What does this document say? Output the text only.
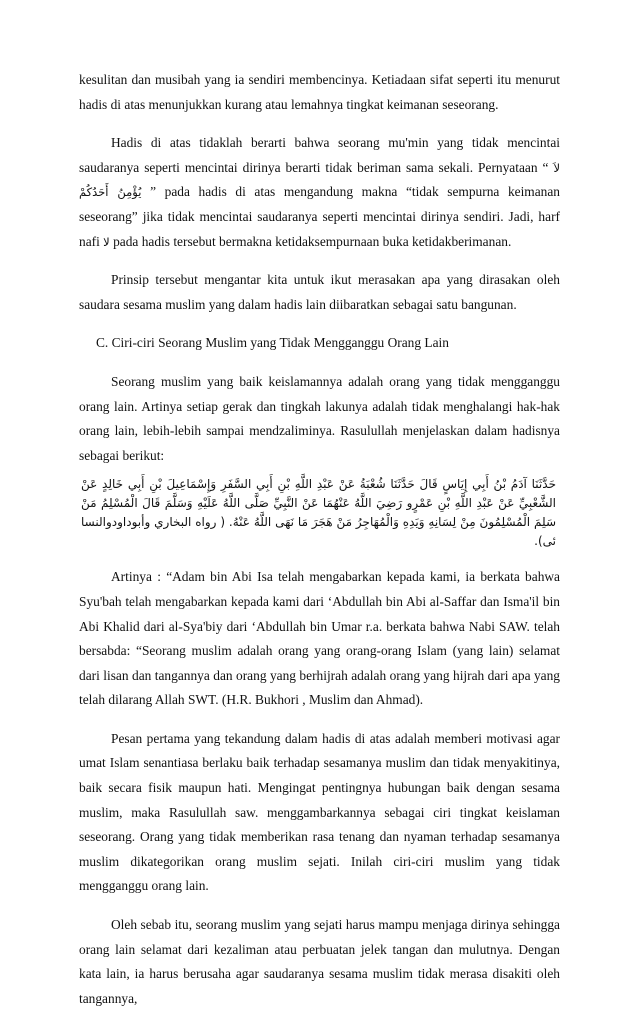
kesulitan dan musibah yang ia sendiri membencinya. Ketiadaan sifat seperti itu menurut hadis di atas menunjukkan kurang atau lemahnya tingkat keimanan seseorang.

Hadis di atas tidaklah berarti bahwa seorang mu'min yang tidak mencintai saudaranya seperti mencintai dirinya berarti tidak beriman sama sekali. Pernyataan “ لاَ يُؤْمِنُ أَحَدُكُمْ ” pada hadis di atas mengandung makna “tidak sempurna keimanan seseorang” jika tidak mencintai saudaranya seperti mencintai dirinya sendiri. Jadi, harf nafi لا pada hadis tersebut bermakna ketidaksempurnaan buka ketidakberimanan.

Prinsip tersebut mengantar kita untuk ikut merasakan apa yang dirasakan oleh saudara sesama muslim yang dalam hadis lain diibaratkan sebagai satu bangunan.

C. Ciri-ciri Seorang Muslim yang Tidak Mengganggu Orang Lain

Seorang muslim yang baik keislamannya adalah orang yang tidak mengganggu orang lain. Artinya setiap gerak dan tingkah lakunya adalah tidak menghalangi hak-hak orang lain, lebih-lebih sampai mendzaliminya. Rasulullah menjelaskan dalam hadisnya sebagai berikut:

حَدَّثَنَا آدَمُ بْنُ أَبِي إِيَاسٍ قَالَ حَدَّثَنَا شُعْبَةُ عَنْ عَبْدِ اللَّهِ بْنِ أَبِي السَّفَرِ وَإِسْمَاعِيلَ بْنِ أَبِي خَالِدٍ عَنْ الشَّعْبِيِّ عَنْ عَبْدِ اللَّهِ بْنِ عَمْرٍو رَضِيَ اللَّهُ عَنْهُمَا عَنْ النَّبِيِّ صَلَّى اللَّهُ عَلَيْهِ وَسَلَّمَ قَالَ الْمُسْلِمُ مَنْ سَلِمَ الْمُسْلِمُونَ مِنْ لِسَانِهِ وَيَدِهِ وَالْمُهَاجِرُ مَنْ هَجَرَ مَا نَهَى اللَّهُ عَنْهُ. ( رواه البخاري وأبوداودوالنسا ئى).

Artinya : “Adam bin Abi Isa telah mengabarkan kepada kami, ia berkata bahwa Syu'bah telah mengabarkan kepada kami dari ‘Abdullah bin Abi al-Saffar dan Isma'il bin Abi Khalid dari al-Sya'biy dari ‘Abdullah bin Umar r.a. berkata bahwa Nabi SAW. telah bersabda: “Seorang muslim adalah orang yang orang-orang Islam (yang lain) selamat dari lisan dan tangannya dan orang yang berhijrah adalah orang yang hijrah dari apa yang telah dilarang Allah SWT. (H.R. Bukhori , Muslim dan Ahmad).

Pesan pertama yang tekandung dalam hadis di atas adalah memberi motivasi agar umat Islam senantiasa berlaku baik terhadap sesamanya muslim dan tidak menyakitinya, baik secara fisik maupun hati. Mengingat pentingnya hubungan baik dengan sesama muslim, maka Rasulullah saw. menggambarkannya sebagai ciri tingkat keislaman seseorang. Orang yang tidak memberikan rasa tenang dan nyaman terhadap sesamanya muslim dikategorikan orang muslim sejati. Inilah ciri-ciri muslim yang tidak mengganggu orang lain.

Oleh sebab itu, seorang muslim yang sejati harus mampu menjaga dirinya sehingga orang lain selamat dari kezaliman atau perbuatan jelek tangan dan mulutnya. Dengan kata lain, ia harus berusaha agar saudaranya sesama muslim tidak merasa disakiti oleh tangannya,
